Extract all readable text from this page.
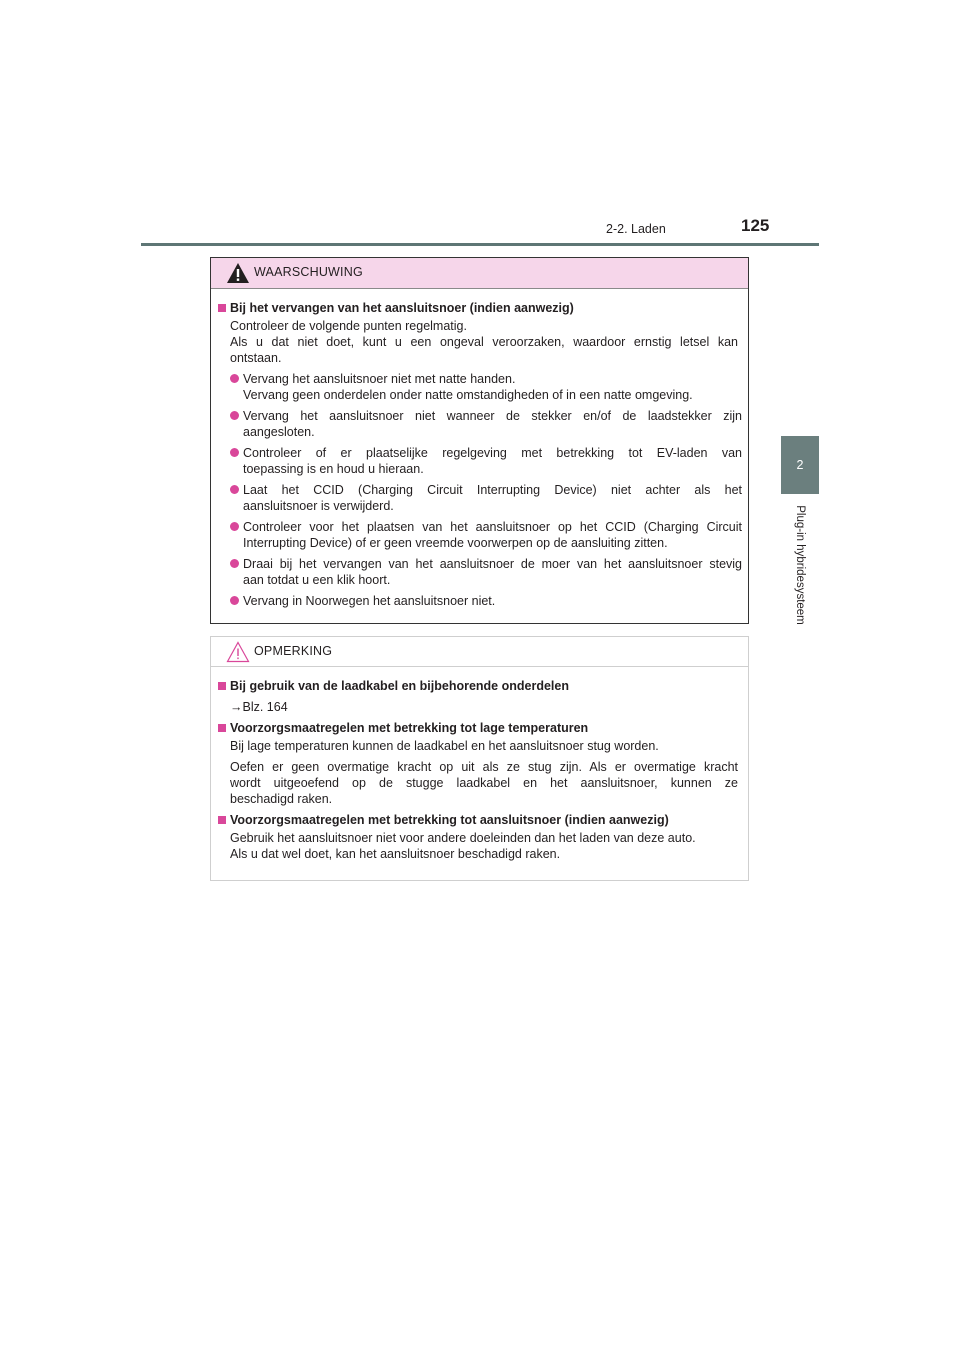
2-2. Laden	125
2
Plug-in hybridesysteem
WAARSCHUWING
Bij het vervangen van het aansluitsnoer (indien aanwezig)
Controleer de volgende punten regelmatig.
Als u dat niet doet, kunt u een ongeval veroorzaken, waardoor ernstig letsel kan
ontstaan.
Vervang het aansluitsnoer niet met natte handen.
Vervang geen onderdelen onder natte omstandigheden of in een natte omgeving.
Vervang het aansluitsnoer niet wanneer de stekker en/of de laadstekker zijn
aangesloten.
Controleer of er plaatselijke regelgeving met betrekking tot EV-laden van
toepassing is en houd u hieraan.
Laat het CCID (Charging Circuit Interrupting Device) niet achter als het
aansluitsnoer is verwijderd.
Controleer voor het plaatsen van het aansluitsnoer op het CCID (Charging Circuit
Interrupting Device) of er geen vreemde voorwerpen op de aansluiting zitten.
Draai bij het vervangen van het aansluitsnoer de moer van het aansluitsnoer stevig
aan totdat u een klik hoort.
Vervang in Noorwegen het aansluitsnoer niet.
OPMERKING
Bij gebruik van de laadkabel en bijbehorende onderdelen
→Blz. 164
Voorzorgsmaatregelen met betrekking tot lage temperaturen
Bij lage temperaturen kunnen de laadkabel en het aansluitsnoer stug worden.
Oefen er geen overmatige kracht op uit als ze stug zijn. Als er overmatige kracht
wordt uitgeoefend op de stugge laadkabel en het aansluitsnoer, kunnen ze
beschadigd raken.
Voorzorgsmaatregelen met betrekking tot aansluitsnoer (indien aanwezig)
Gebruik het aansluitsnoer niet voor andere doeleinden dan het laden van deze auto.
Als u dat wel doet, kan het aansluitsnoer beschadigd raken.
